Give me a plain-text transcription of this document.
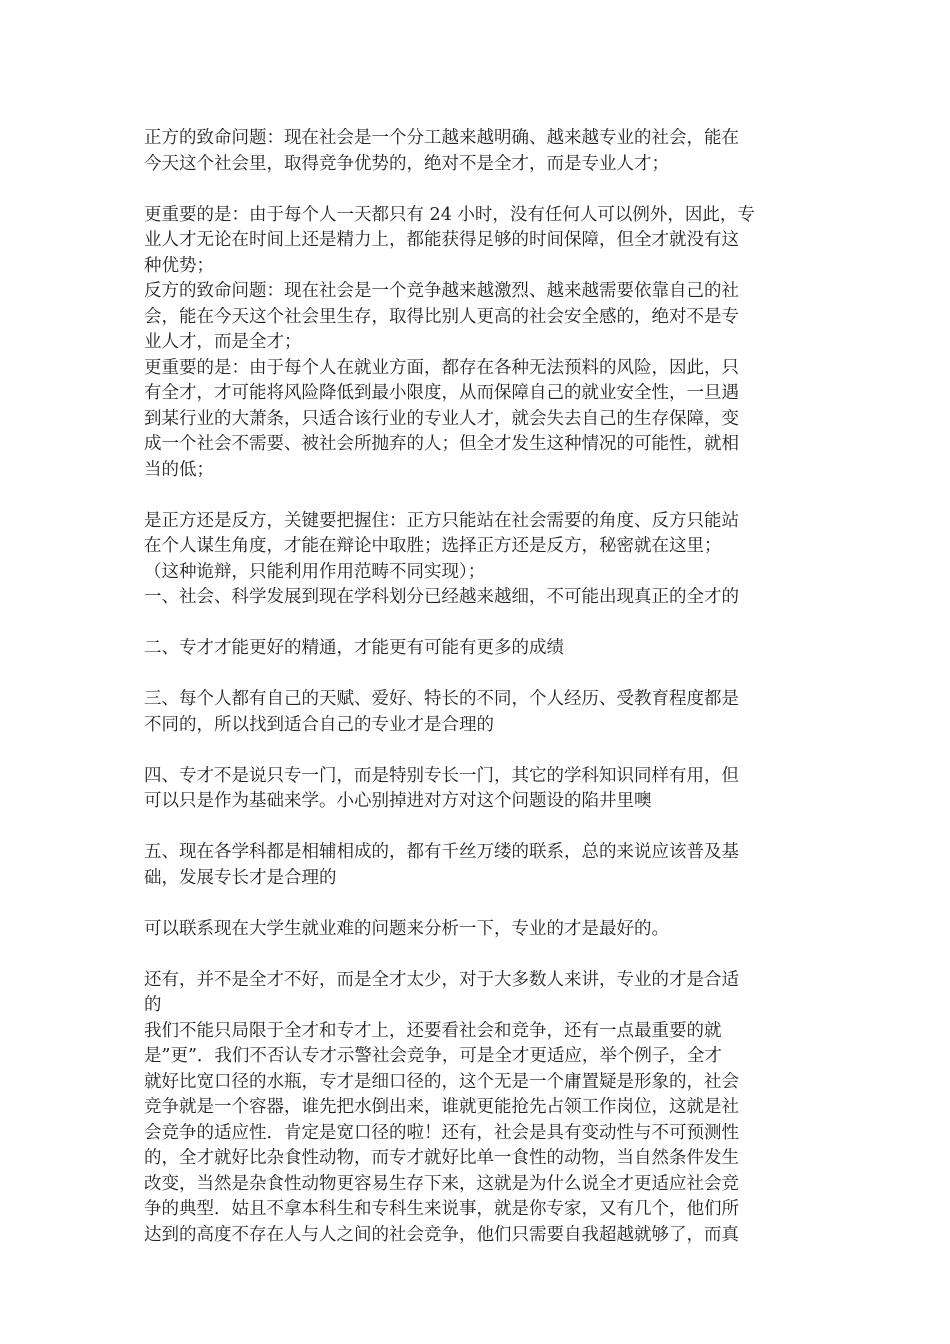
正方的致命问题：现在社会是一个分工越来越明确、越来越专业的社会，能在
今天这个社会里，取得竞争优势的，绝对不是全才，而是专业人才；

更重要的是：由于每个人一天都只有 24 小时，没有任何人可以例外，因此，专
业人才无论在时间上还是精力上，都能获得足够的时间保障，但全才就没有这
种优势；

反方的致命问题：现在社会是一个竞争越来越激烈、越来越需要依靠自己的社
会，能在今天这个社会里生存，取得比别人更高的社会安全感的，绝对不是专
业人才，而是全才；

更重要的是：由于每个人在就业方面，都存在各种无法预料的风险，因此，只
有全才，才可能将风险降低到最小限度，从而保障自己的就业安全性，一旦遇
到某行业的大萧条，只适合该行业的专业人才，就会失去自己的生存保障，变
成一个社会不需要、被社会所抛弃的人；但全才发生这种情况的可能性，就相
当的低；

是正方还是反方，关键要把握住：正方只能站在社会需要的角度、反方只能站
在个人谋生角度，才能在辩论中取胜；选择正方还是反方，秘密就在这里；
（这种诡辩，只能利用作用范畴不同实现）；

一、社会、科学发展到现在学科划分已经越来越细，不可能出现真正的全才的

二、专才才能更好的精通，才能更有可能有更多的成绩

三、每个人都有自己的天赋、爱好、特长的不同，个人经历、受教育程度都是
不同的，所以找到适合自己的专业才是合理的

四、专才不是说只专一门，而是特别专长一门，其它的学科知识同样有用，但
可以只是作为基础来学。小心别掉进对方对这个问题设的陷井里噢

五、现在各学科都是相辅相成的，都有千丝万缕的联系，总的来说应该普及基
础，发展专长才是合理的

可以联系现在大学生就业难的问题来分析一下，专业的才是最好的。

还有，并不是全才不好，而是全才太少，对于大多数人来讲，专业的才是合适
的

我们不能只局限于全才和专才上，还要看社会和竞争，还有一点最重要的就
是”更”．我们不否认专才示警社会竞争，可是全才更适应，举个例子，全才
就好比宽口径的水瓶，专才是细口径的，这个无是一个庸置疑是形象的，社会
竞争就是一个容器，谁先把水倒出来，谁就更能抢先占领工作岗位，这就是社
会竞争的适应性．肯定是宽口径的啦！还有，社会是具有变动性与不可预测性
的，全才就好比杂食性动物，而专才就好比单一食性的动物，当自然条件发生
改变，当然是杂食性动物更容易生存下来，这就是为什么说全才更适应社会竞
争的典型．姑且不拿本科生和专科生来说事，就是你专家，又有几个，他们所
达到的高度不存在人与人之间的社会竞争，他们只需要自我超越就够了，而真
